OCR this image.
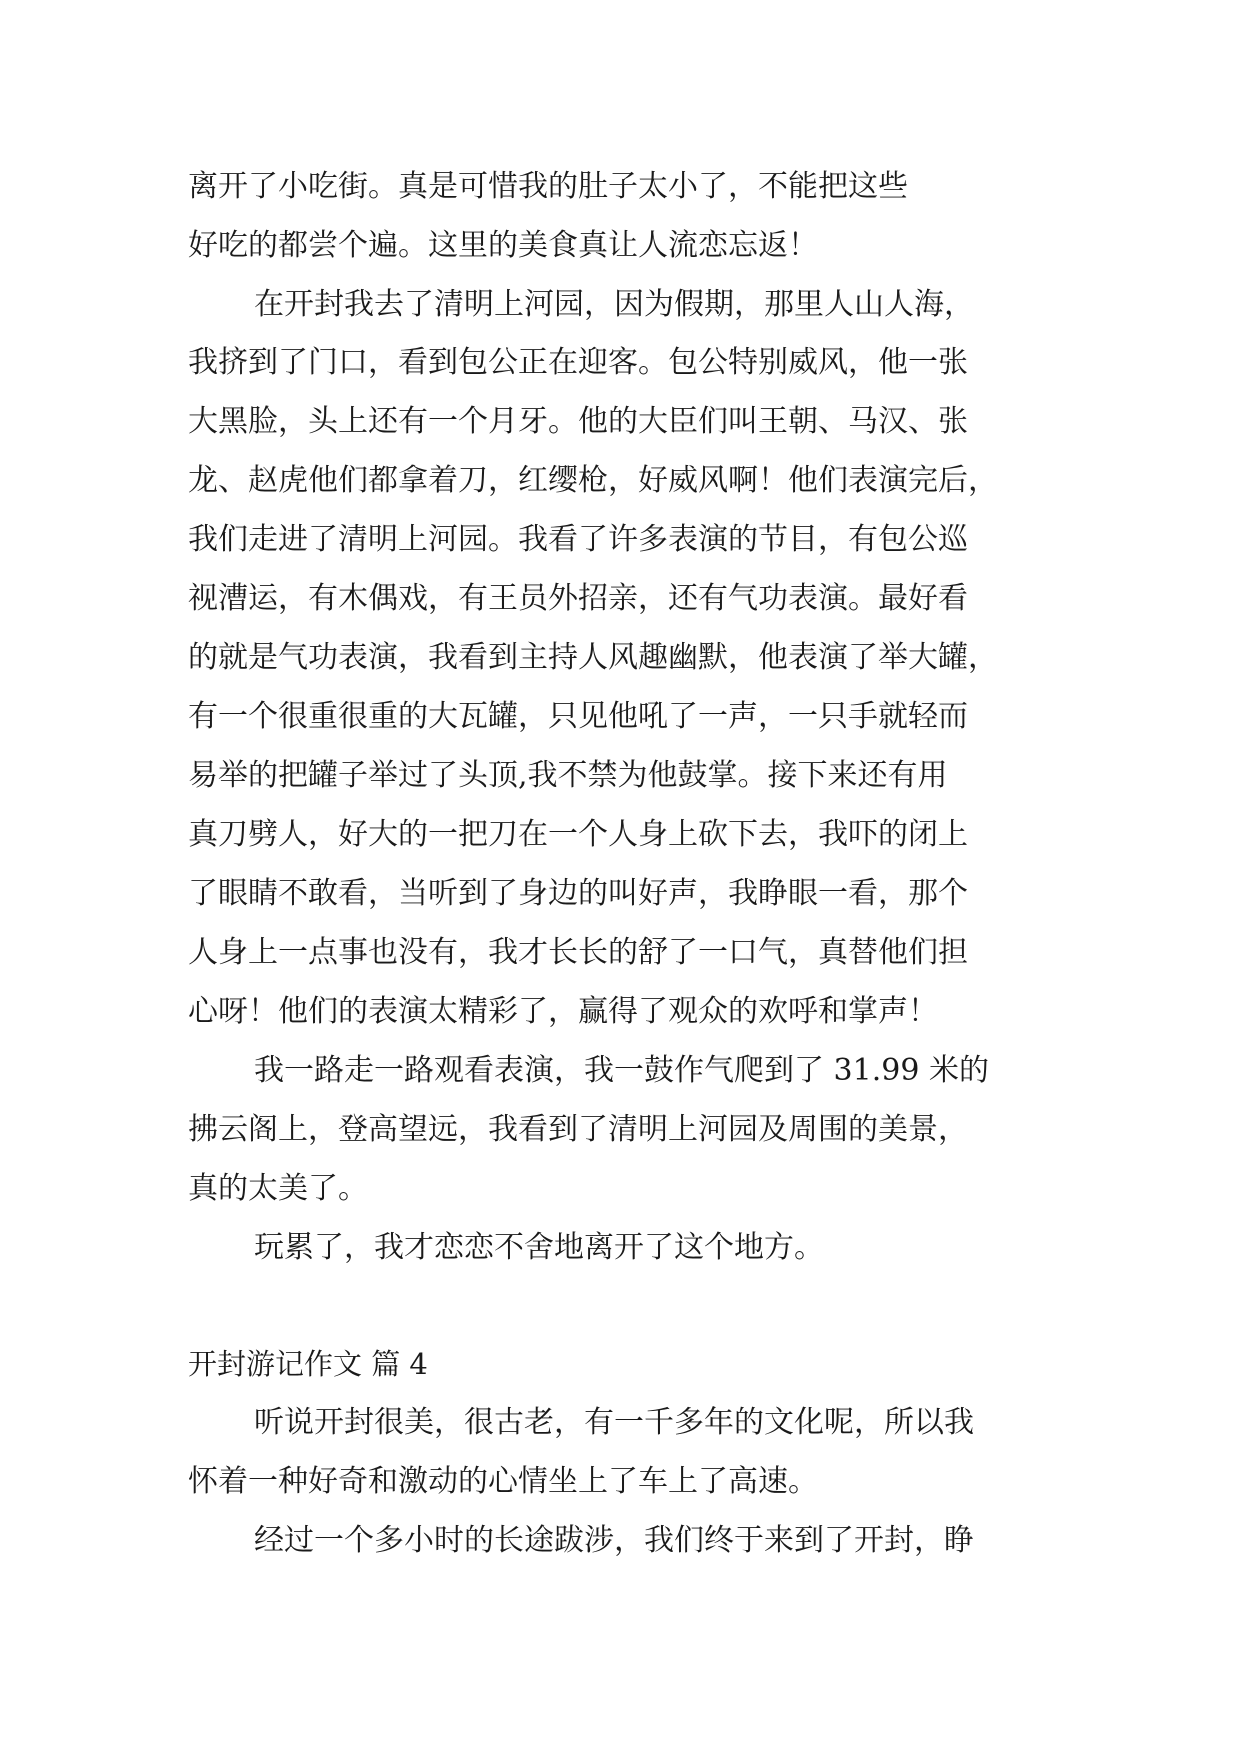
离开了小吃街。真是可惜我的肚子太小了，不能把这些

好吃的都尝个遍。这里的美食真让人流恋忘返！

在开封我去了清明上河园，因为假期，那里人山人海，

我挤到了门口，看到包公正在迎客。包公特别威风，他一张

大黑脸，头上还有一个月牙。他的大臣们叫王朝、马汉、张

龙、赵虎他们都拿着刀，红缨枪，好威风啊！他们表演完后，

我们走进了清明上河园。我看了许多表演的节目，有包公巡

视漕运，有木偶戏，有王员外招亲，还有气功表演。最好看

的就是气功表演，我看到主持人风趣幽默，他表演了举大罐，

有一个很重很重的大瓦罐，只见他吼了一声，一只手就轻而

易举的把罐子举过了头顶,我不禁为他鼓掌。接下来还有用

真刀劈人，好大的一把刀在一个人身上砍下去，我吓的闭上

了眼睛不敢看，当听到了身边的叫好声，我睁眼一看，那个

人身上一点事也没有，我才长长的舒了一口气，真替他们担

心呀！他们的表演太精彩了，赢得了观众的欢呼和掌声！

我一路走一路观看表演，我一鼓作气爬到了 31.99 米的

拂云阁上，登高望远，我看到了清明上河园及周围的美景，

真的太美了。

玩累了，我才恋恋不舍地离开了这个地方。

开封游记作文 篇 4

听说开封很美，很古老，有一千多年的文化呢，所以我

怀着一种好奇和激动的心情坐上了车上了高速。

经过一个多小时的长途跋涉，我们终于来到了开封，睁
